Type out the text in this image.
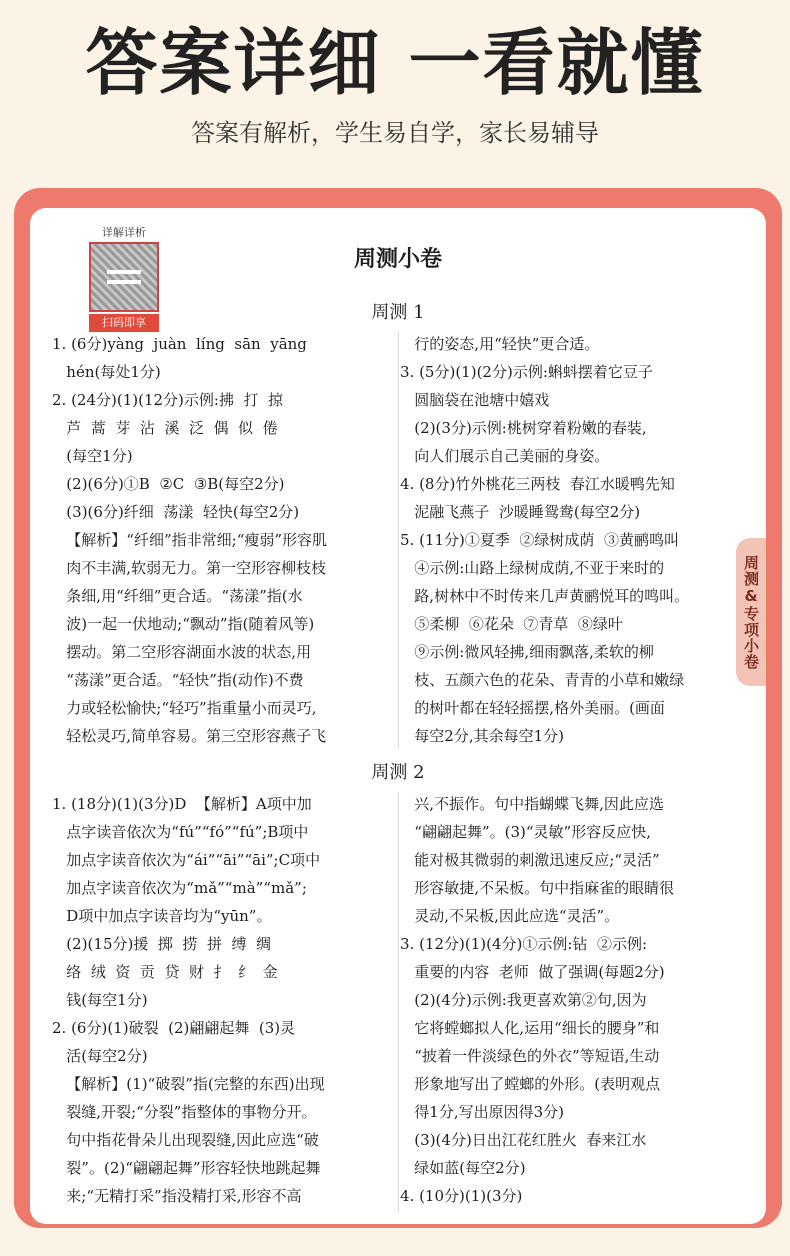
答案详细 一看就懂
答案有解析，学生易自学，家长易辅导
详解详析
扫码即享
周测小卷
周测 1

1. (6分)yàng  juàn  líng  sān  yāng

hén(每处1分)

2. (24分)(1)(12分)示例:拂  打  掠

芦  蒿  芽  沾  溪  泛  偶  似  倦

(每空1分)

(2)(6分)①B  ②C  ③B(每空2分)

(3)(6分)纤细  荡漾  轻快(每空2分)

【解析】“纤细”指非常细;“瘦弱”形容肌

肉不丰满,软弱无力。第一空形容柳枝枝

条细,用“纤细”更合适。“荡漾”指(水

波)一起一伏地动;“飘动”指(随着风等)

摆动。第二空形容湖面水波的状态,用

“荡漾”更合适。“轻快”指(动作)不费

力或轻松愉快;“轻巧”指重量小而灵巧,

轻松灵巧,简单容易。第三空形容燕子飞

行的姿态,用“轻快”更合适。

3. (5分)(1)(2分)示例:蝌蚪摆着它豆子

圆脑袋在池塘中嬉戏

(2)(3分)示例:桃树穿着粉嫩的春装,

向人们展示自己美丽的身姿。

4. (8分)竹外桃花三两枝  春江水暖鸭先知

泥融飞燕子  沙暖睡鸳鸯(每空2分)

5. (11分)①夏季  ②绿树成荫  ③黄鹂鸣叫

④示例:山路上绿树成荫,不亚于来时的

路,树林中不时传来几声黄鹂悦耳的鸣叫。

⑤柔柳  ⑥花朵  ⑦青草  ⑧绿叶

⑨示例:微风轻拂,细雨飘落,柔软的柳

枝、五颜六色的花朵、青青的小草和嫩绿

的树叶都在轻轻摇摆,格外美丽。(画面

每空2分,其余每空1分)

周测 2

1. (18分)(1)(3分)D  【解析】A项中加

点字读音依次为“fú”“fó”“fú”;B项中

加点字读音依次为“ái”“āi”“āi”;C项中

加点字读音依次为“mǎ”“mà”“mǎ”;

D项中加点字读音均为“yūn”。

(2)(15分)援  掷  捞  拼  缚  绸

络  绒  资  贡  贷  财  扌  纟  金

钱(每空1分)

2. (6分)(1)破裂  (2)翩翩起舞  (3)灵

活(每空2分)

【解析】(1)“破裂”指(完整的东西)出现

裂缝,开裂;“分裂”指整体的事物分开。

句中指花骨朵儿出现裂缝,因此应选“破

裂”。(2)“翩翩起舞”形容轻快地跳起舞

来;“无精打采”指没精打采,形容不高

兴,不振作。句中指蝴蝶飞舞,因此应选

“翩翩起舞”。(3)“灵敏”形容反应快,

能对极其微弱的刺激迅速反应;“灵活”

形容敏捷,不呆板。句中指麻雀的眼睛很

灵动,不呆板,因此应选“灵活”。

3. (12分)(1)(4分)①示例:钻  ②示例:

重要的内容  老师  做了强调(每题2分)

(2)(4分)示例:我更喜欢第②句,因为

它将螳螂拟人化,运用“细长的腰身”和

“披着一件淡绿色的外衣”等短语,生动

形象地写出了螳螂的外形。(表明观点

得1分,写出原因得3分)

(3)(4分)日出江花红胜火  春来江水

绿如蓝(每空2分)

4. (10分)(1)(3分)

周测&专项小卷
